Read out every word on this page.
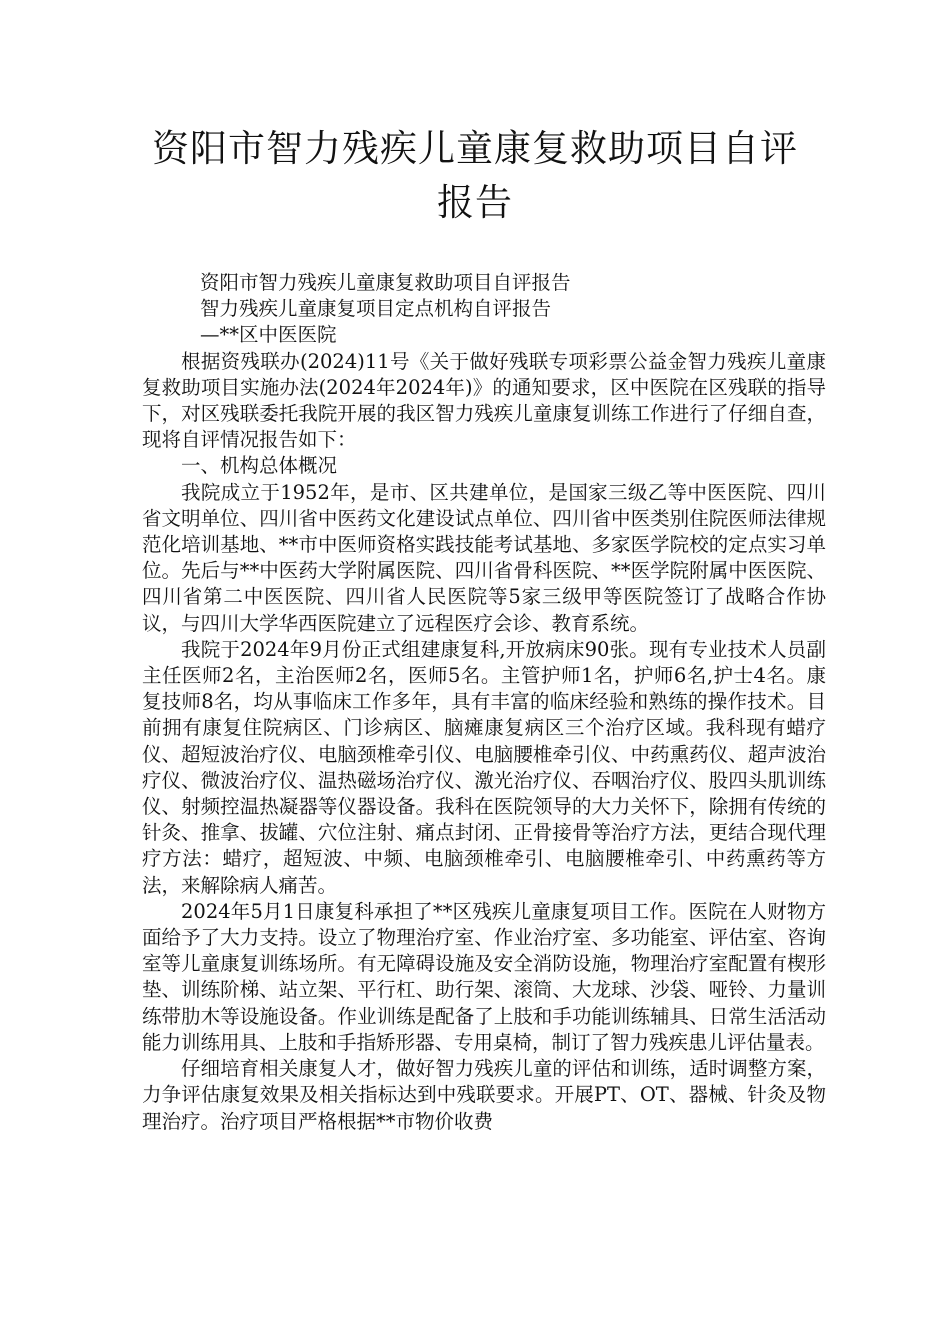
资阳市智力残疾儿童康复救助项目自评报告

资阳市智力残疾儿童康复救助项目自评报告

智力残疾儿童康复项目定点机构自评报告

—**区中医医院

根据资残联办(2024)11号《关于做好残联专项彩票公益金智力残疾儿童康复救助项目实施办法(2024年2024年)》的通知要求，区中医院在区残联的指导下，对区残联委托我院开展的我区智力残疾儿童康复训练工作进行了仔细自查，现将自评情况报告如下：

一、机构总体概况

我院成立于1952年，是市、区共建单位，是国家三级乙等中医医院、四川省文明单位、四川省中医药文化建设试点单位、四川省中医类别住院医师法律规范化培训基地、**市中医师资格实践技能考试基地、多家医学院校的定点实习单位。先后与**中医药大学附属医院、四川省骨科医院、**医学院附属中医医院、四川省第二中医医院、四川省人民医院等5家三级甲等医院签订了战略合作协议，与四川大学华西医院建立了远程医疗会诊、教育系统。

我院于2024年9月份正式组建康复科,开放病床90张。现有专业技术人员副主任医师2名，主治医师2名，医师5名。主管护师1名，护师6名,护士4名。康复技师8名，均从事临床工作多年，具有丰富的临床经验和熟练的操作技术。目前拥有康复住院病区、门诊病区、脑瘫康复病区三个治疗区域。我科现有蜡疗仪、超短波治疗仪、电脑颈椎牵引仪、电脑腰椎牵引仪、中药熏药仪、超声波治疗仪、微波治疗仪、温热磁场治疗仪、激光治疗仪、吞咽治疗仪、股四头肌训练仪、射频控温热凝器等仪器设备。我科在医院领导的大力关怀下，除拥有传统的针灸、推拿、拔罐、穴位注射、痛点封闭、正骨接骨等治疗方法，更结合现代理疗方法：蜡疗，超短波、中频、电脑颈椎牵引、电脑腰椎牵引、中药熏药等方法，来解除病人痛苦。

2024年5月1日康复科承担了**区残疾儿童康复项目工作。医院在人财物方面给予了大力支持。设立了物理治疗室、作业治疗室、多功能室、评估室、咨询室等儿童康复训练场所。有无障碍设施及安全消防设施，物理治疗室配置有楔形垫、训练阶梯、站立架、平行杠、助行架、滚筒、大龙球、沙袋、哑铃、力量训练带肋木等设施设备。作业训练是配备了上肢和手功能训练辅具、日常生活活动能力训练用具、上肢和手指矫形器、专用桌椅，制订了智力残疾患儿评估量表。

仔细培育相关康复人才，做好智力残疾儿童的评估和训练，适时调整方案，力争评估康复效果及相关指标达到中残联要求。开展PT、OT、器械、针灸及物理治疗。治疗项目严格根据**市物价收费
